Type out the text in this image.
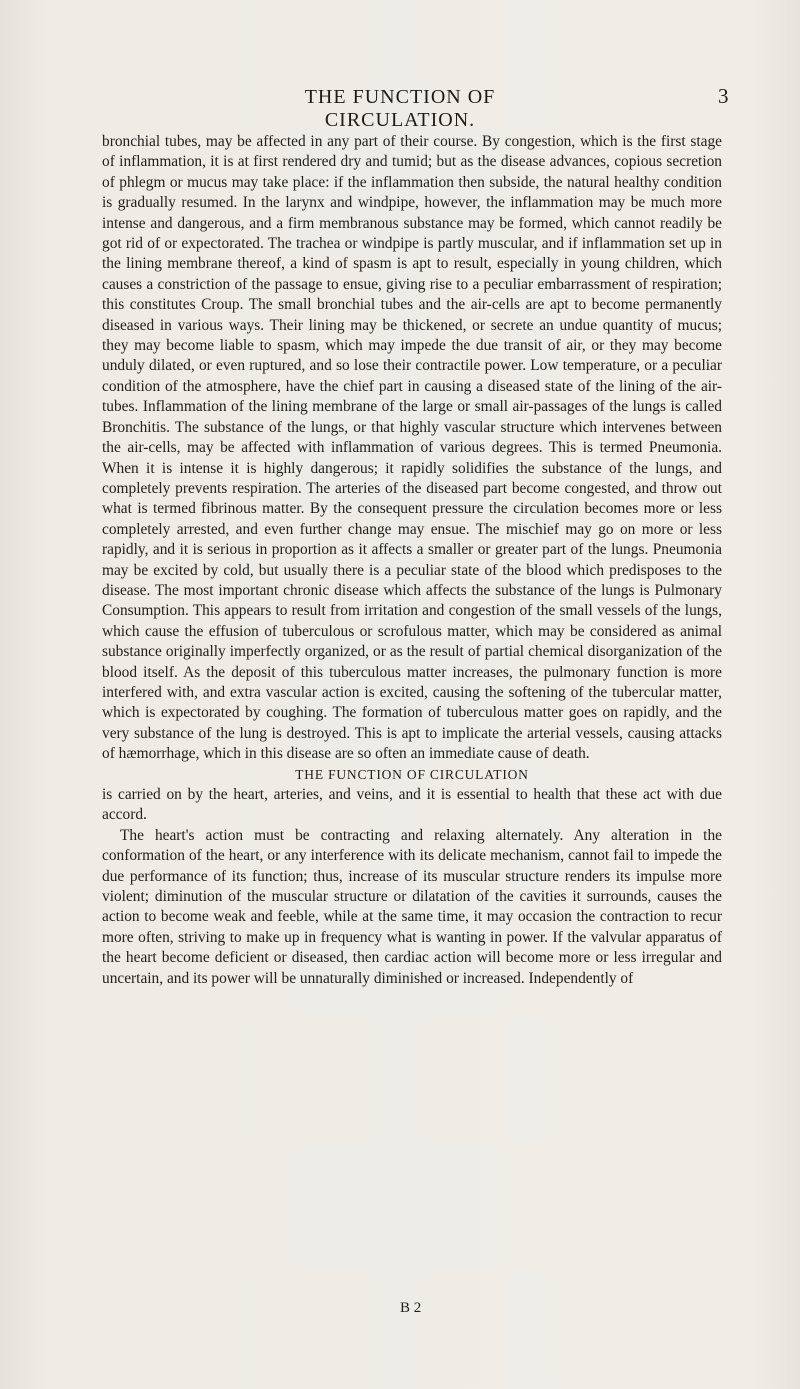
THE FUNCTION OF CIRCULATION.
3

bronchial tubes, may be affected in any part of their course. By congestion, which is the first stage of inflammation, it is at first rendered dry and tumid; but as the disease advances, copious secretion of phlegm or mucus may take place: if the inflammation then subside, the natural healthy condition is gradually resumed. In the larynx and windpipe, however, the inflammation may be much more intense and dangerous, and a firm membranous substance may be formed, which cannot readily be got rid of or expectorated. The trachea or windpipe is partly muscular, and if inflammation set up in the lining membrane thereof, a kind of spasm is apt to result, especially in young children, which causes a constriction of the passage to ensue, giving rise to a peculiar embarrassment of respiration; this constitutes Croup. The small bronchial tubes and the air-cells are apt to become permanently diseased in various ways. Their lining may be thickened, or secrete an undue quantity of mucus; they may become liable to spasm, which may impede the due transit of air, or they may become unduly dilated, or even ruptured, and so lose their contractile power. Low temperature, or a peculiar condition of the atmosphere, have the chief part in causing a diseased state of the lining of the air-tubes. Inflammation of the lining membrane of the large or small air-passages of the lungs is called Bronchitis. The substance of the lungs, or that highly vascular structure which intervenes between the air-cells, may be affected with inflammation of various degrees. This is termed Pneumonia. When it is intense it is highly dangerous; it rapidly solidifies the substance of the lungs, and completely prevents respiration. The arteries of the diseased part become congested, and throw out what is termed fibrinous matter. By the consequent pressure the circulation becomes more or less completely arrested, and even further change may ensue. The mischief may go on more or less rapidly, and it is serious in proportion as it affects a smaller or greater part of the lungs. Pneumonia may be excited by cold, but usually there is a peculiar state of the blood which predisposes to the disease. The most important chronic disease which affects the substance of the lungs is Pulmonary Consumption. This appears to result from irritation and congestion of the small vessels of the lungs, which cause the effusion of tuberculous or scrofulous matter, which may be considered as animal substance originally imperfectly organized, or as the result of partial chemical disorganization of the blood itself. As the deposit of this tuberculous matter increases, the pulmonary function is more interfered with, and extra vascular action is excited, causing the softening of the tubercular matter, which is expectorated by coughing. The formation of tuberculous matter goes on rapidly, and the very substance of the lung is destroyed. This is apt to implicate the arterial vessels, causing attacks of hæmorrhage, which in this disease are so often an immediate cause of death.

THE FUNCTION OF CIRCULATION

is carried on by the heart, arteries, and veins, and it is essential to health that these act with due accord.

The heart's action must be contracting and relaxing alternately. Any alteration in the conformation of the heart, or any interference with its delicate mechanism, cannot fail to impede the due performance of its function; thus, increase of its muscular structure renders its impulse more violent; diminution of the muscular structure or dilatation of the cavities it surrounds, causes the action to become weak and feeble, while at the same time, it may occasion the contraction to recur more often, striving to make up in frequency what is wanting in power. If the valvular apparatus of the heart become deficient or diseased, then cardiac action will become more or less irregular and uncertain, and its power will be unnaturally diminished or increased. Independently of

B 2
